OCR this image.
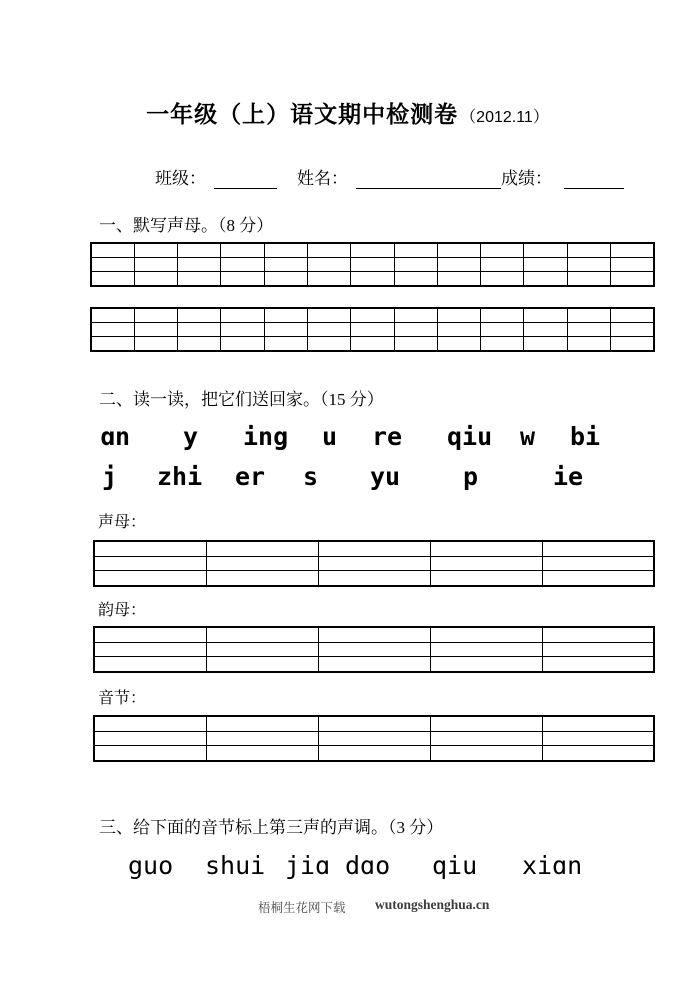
一年级（上）语文期中检测卷 （2012.11）
班级：	姓名：	成绩：
一、默写声母。（8 分）

二、读一读，把它们送回家。（15 分）
ɑn y ing u re qiu w bi
j zhi er s yu	p	ie
声母：

韵母：

音节：

三、给下面的音节标上第三声的声调。（3 分）
guo shui jiɑ dɑo qiu xiɑn
梧桐生花网下载 wutongshenghua.cn
